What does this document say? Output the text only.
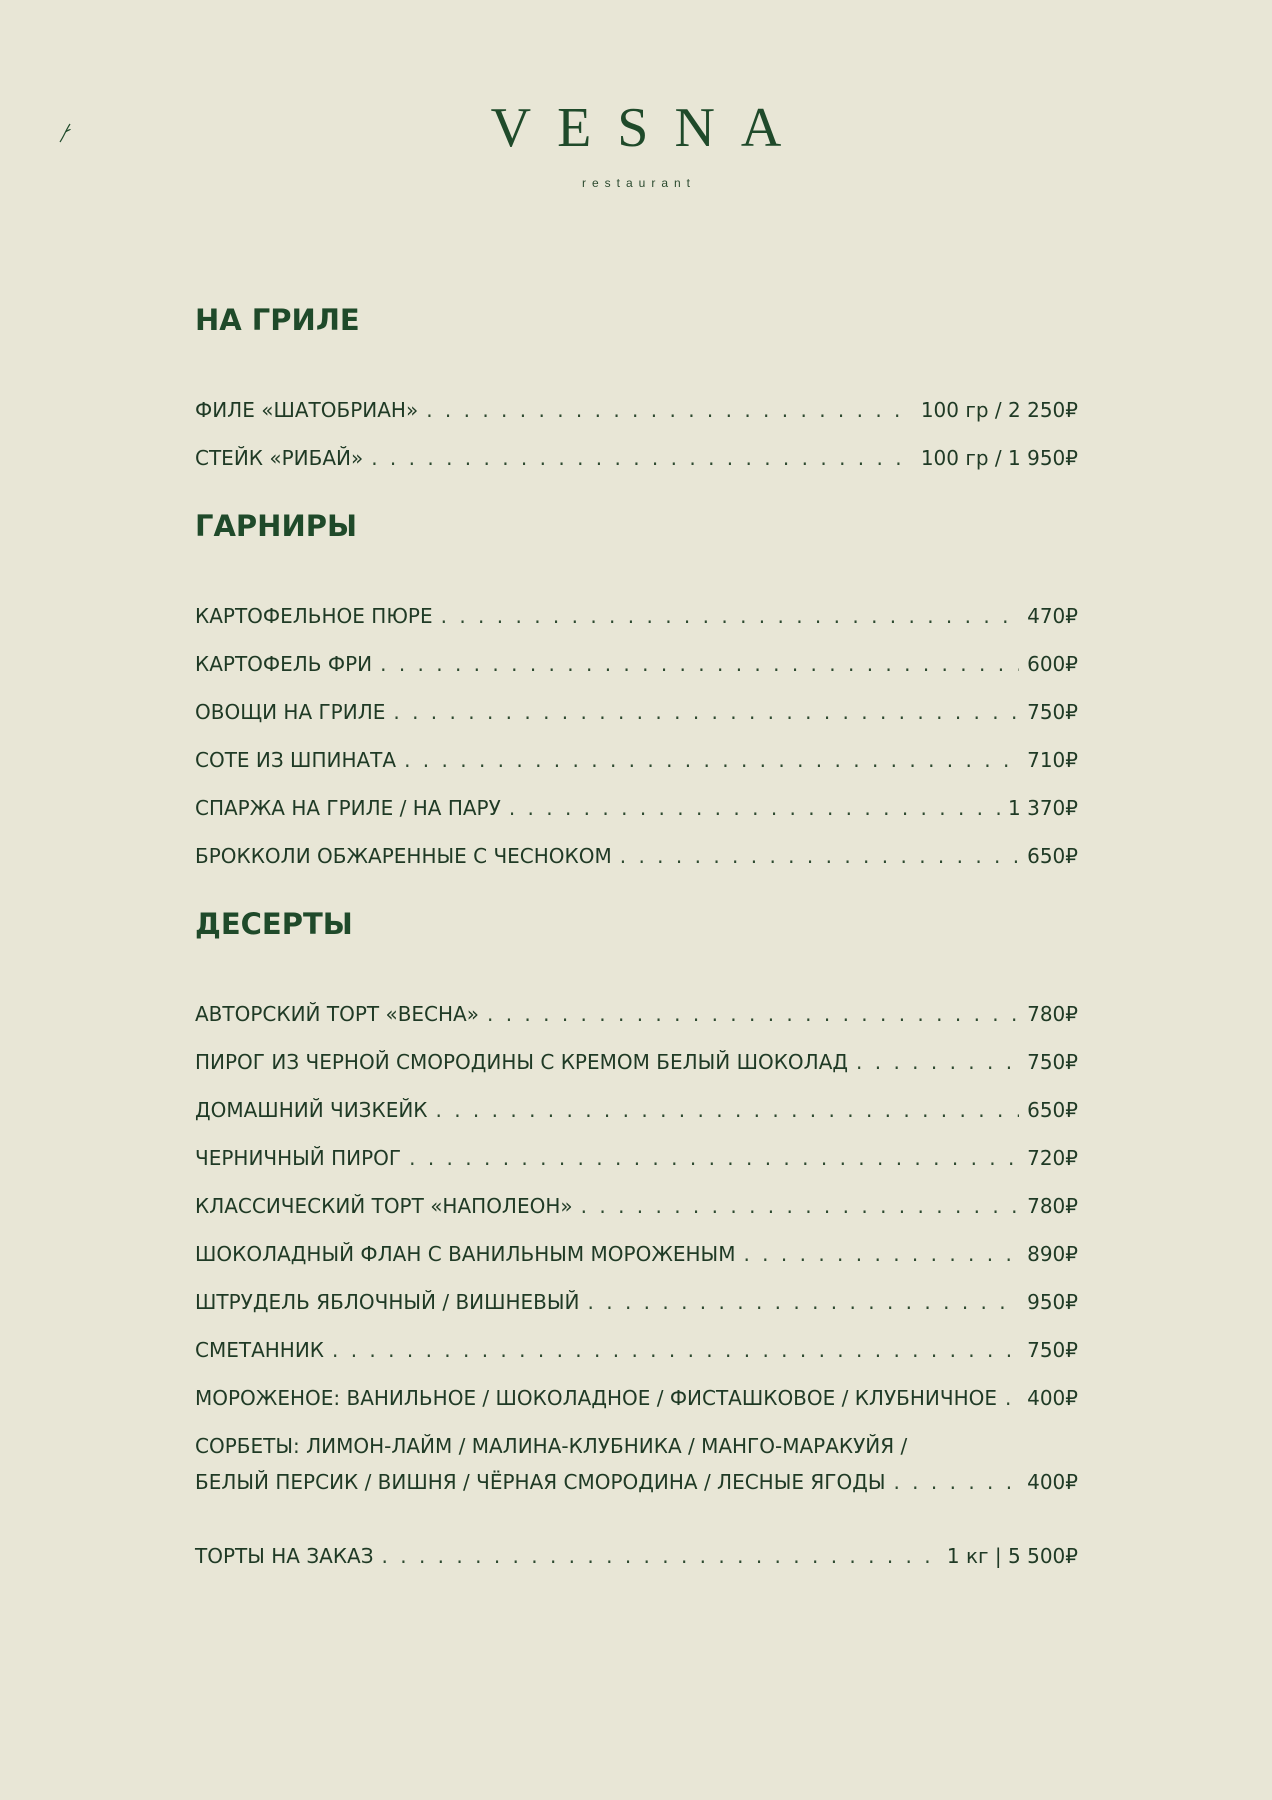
VESNA
restaurant
НА ГРИЛЕ
ФИЛЕ «ШАТОБРИАН» . . .	100 гр / 2 250₽
СТЕЙК «РИБАЙ» . . .	100 гр / 1 950₽
ГАРНИРЫ
КАРТОФЕЛЬНОЕ ПЮРЕ . . .	470₽
КАРТОФЕЛЬ ФРИ . . .	600₽
ОВОЩИ НА ГРИЛЕ . . .	750₽
СОТЕ ИЗ ШПИНАТА . . .	710₽
СПАРЖА НА ГРИЛЕ / НА ПАРУ . . .	1 370₽
БРОККОЛИ ОБЖАРЕННЫЕ С ЧЕСНОКОМ . . .	650₽
ДЕСЕРТЫ
АВТОРСКИЙ ТОРТ «ВЕСНА» . . .	780₽
ПИРОГ ИЗ ЧЕРНОЙ СМОРОДИНЫ С КРЕМОМ БЕЛЫЙ ШОКОЛАД . . .	750₽
ДОМАШНИЙ ЧИЗКЕЙК . . .	650₽
ЧЕРНИЧНЫЙ ПИРОГ . . .	720₽
КЛАССИЧЕСКИЙ ТОРТ «НАПОЛЕОН» . . .	780₽
ШОКОЛАДНЫЙ ФЛАН С ВАНИЛЬНЫМ МОРОЖЕНЫМ . . .	890₽
ШТРУДЕЛЬ ЯБЛОЧНЫЙ / ВИШНЕВЫЙ . . .	950₽
СМЕТАННИК . . .	750₽
МОРОЖЕНОЕ: ВАНИЛЬНОЕ / ШОКОЛАДНОЕ / ФИСТАШКОВОЕ / КЛУБНИЧНОЕ . . . 400₽
СОРБЕТЫ: ЛИМОН-ЛАЙМ / МАЛИНА-КЛУБНИКА / МАНГО-МАРАКУЙЯ /
БЕЛЫЙ ПЕРСИК / ВИШНЯ / ЧЁРНАЯ СМОРОДИНА / ЛЕСНЫЕ ЯГОДЫ . . .	400₽
ТОРТЫ НА ЗАКАЗ . . .	1 кг | 5 500₽
